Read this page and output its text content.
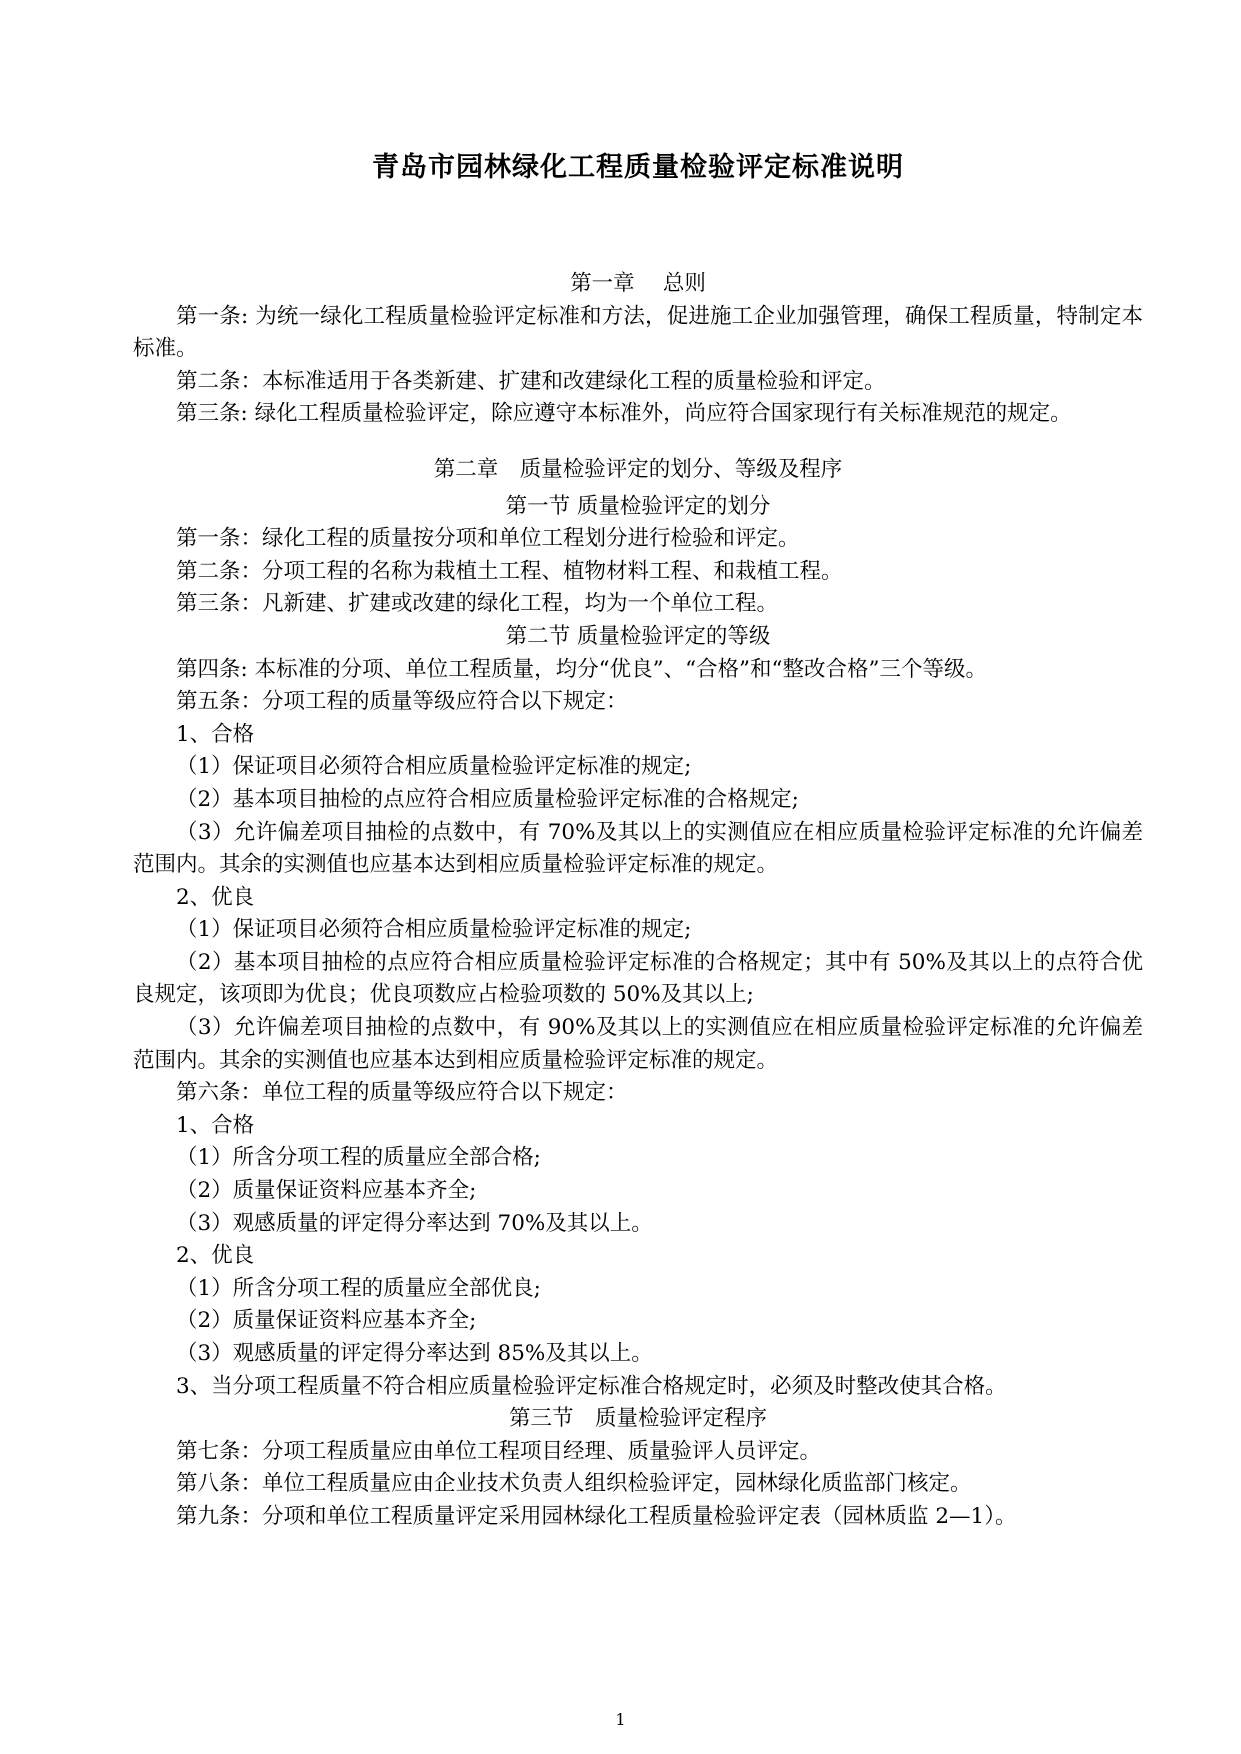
青岛市园林绿化工程质量检验评定标准说明

第一章　 总则

第一条: 为统一绿化工程质量检验评定标准和方法，促进施工企业加强管理，确保工程质量，特制定本标准。

第二条：本标准适用于各类新建、扩建和改建绿化工程的质量检验和评定。

第三条: 绿化工程质量检验评定，除应遵守本标准外，尚应符合国家现行有关标准规范的规定。

第二章　质量检验评定的划分、等级及程序

第一节 质量检验评定的划分

第一条：绿化工程的质量按分项和单位工程划分进行检验和评定。

第二条：分项工程的名称为栽植土工程、植物材料工程、和栽植工程。

第三条：凡新建、扩建或改建的绿化工程，均为一个单位工程。

第二节 质量检验评定的等级

第四条: 本标准的分项、单位工程质量，均分“优良”、“合格”和“整改合格”三个等级。

第五条：分项工程的质量等级应符合以下规定：

1、合格

（1）保证项目必须符合相应质量检验评定标准的规定;

（2）基本项目抽检的点应符合相应质量检验评定标准的合格规定;

（3）允许偏差项目抽检的点数中，有 70%及其以上的实测值应在相应质量检验评定标准的允许偏差范围内。其余的实测值也应基本达到相应质量检验评定标准的规定。

2、优良

（1）保证项目必须符合相应质量检验评定标准的规定;

（2）基本项目抽检的点应符合相应质量检验评定标准的合格规定；其中有 50%及其以上的点符合优良规定，该项即为优良；优良项数应占检验项数的 50%及其以上;

（3）允许偏差项目抽检的点数中，有 90%及其以上的实测值应在相应质量检验评定标准的允许偏差范围内。其余的实测值也应基本达到相应质量检验评定标准的规定。

第六条：单位工程的质量等级应符合以下规定：

1、合格

（1）所含分项工程的质量应全部合格;

（2）质量保证资料应基本齐全;

（3）观感质量的评定得分率达到 70%及其以上。

2、优良

（1）所含分项工程的质量应全部优良;

（2）质量保证资料应基本齐全;

（3）观感质量的评定得分率达到 85%及其以上。

3、当分项工程质量不符合相应质量检验评定标准合格规定时，必须及时整改使其合格。

第三节　质量检验评定程序

第七条：分项工程质量应由单位工程项目经理、质量验评人员评定。

第八条：单位工程质量应由企业技术负责人组织检验评定，园林绿化质监部门核定。

第九条：分项和单位工程质量评定采用园林绿化工程质量检验评定表（园林质监 2—1）。

1
